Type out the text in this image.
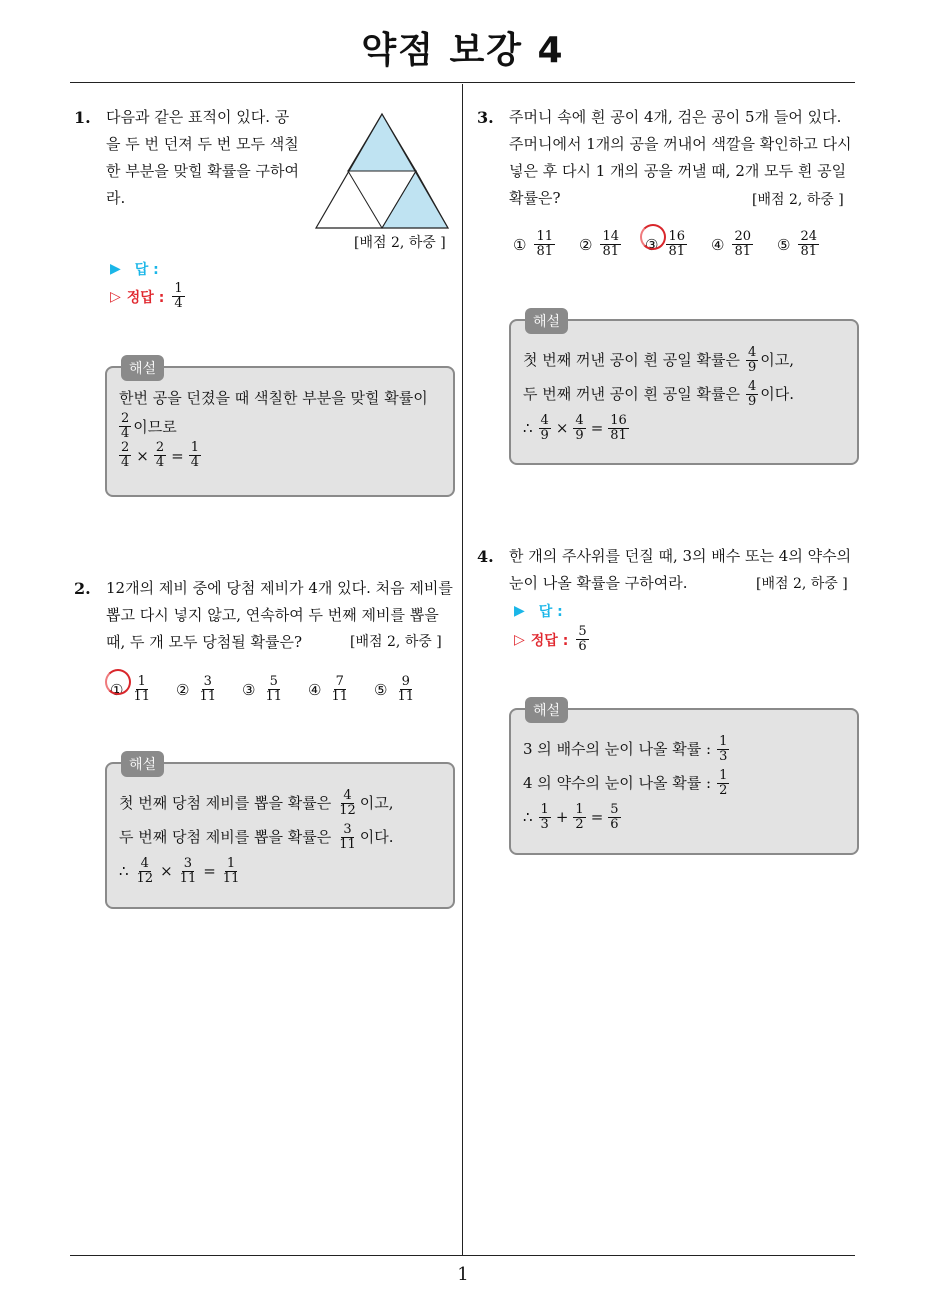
약점 보강 4
1
1. 다음과 같은 표적이 있다. 공
을 두 번 던져 두 번 모두 색칠
한 부분을 맞힐 확률을 구하여
라.
[배점 2, 하중 ]
▶ 답 :
▷ 정답 : $\frac{1}{4}$
해설
한번 공을 던졌을 때 색칠한 부분을 맞힐 확률이
$\frac{2}{4}$ 이므로
$\frac{2}{4} \times \frac{2}{4} = \frac{1}{4}$
2. 12개의 제비 중에 당첨 제비가 4개 있다. 처음 제비를
뽑고 다시 넣지 않고, 연속하여 두 번째 제비를 뽑을
때, 두 개 모두 당첨될 확률은?	[배점 2, 하중 ]
① $\frac{1}{11}$ ② $\frac{3}{11}$ ③ $\frac{5}{11}$ ④ $\frac{7}{11}$ ⑤ $\frac{9}{11}$
해설
첫 번째 당첨 제비를 뽑을 확률은 $\frac{4}{12}$ 이고,
두 번째 당첨 제비를 뽑을 확률은 $\frac{3}{11}$ 이다.
∴ $\frac{4}{12} \times \frac{3}{11} = \frac{1}{11}$
3. 주머니 속에 흰 공이 4개, 검은 공이 5개 들어 있다.
주머니에서 1개의 공을 꺼내어 색깔을 확인하고 다시
넣은 후 다시 1 개의 공을 꺼낼 때, 2개 모두 흰 공일
확률은?	[배점 2, 하중 ]
① $\frac{11}{81}$ ② $\frac{14}{81}$ ③ $\frac{16}{81}$ ④ $\frac{20}{81}$ ⑤ $\frac{24}{81}$
해설
첫 번째 꺼낸 공이 흰 공일 확률은 $\frac{4}{9}$ 이고,
두 번째 꺼낸 공이 흰 공일 확률은 $\frac{4}{9}$ 이다.
∴ $\frac{4}{9} \times \frac{4}{9} = \frac{16}{81}$
4. 한 개의 주사위를 던질 때, 3의 배수 또는 4의 약수의
눈이 나올 확률을 구하여라.	[배점 2, 하중 ]
▶ 답 :
▷ 정답 : $\frac{5}{6}$
해설
3 의 배수의 눈이 나올 확률 : $\frac{1}{3}$
4 의 약수의 눈이 나올 확률 : $\frac{1}{2}$
∴ $\frac{1}{3} + \frac{1}{2} = \frac{5}{6}$
